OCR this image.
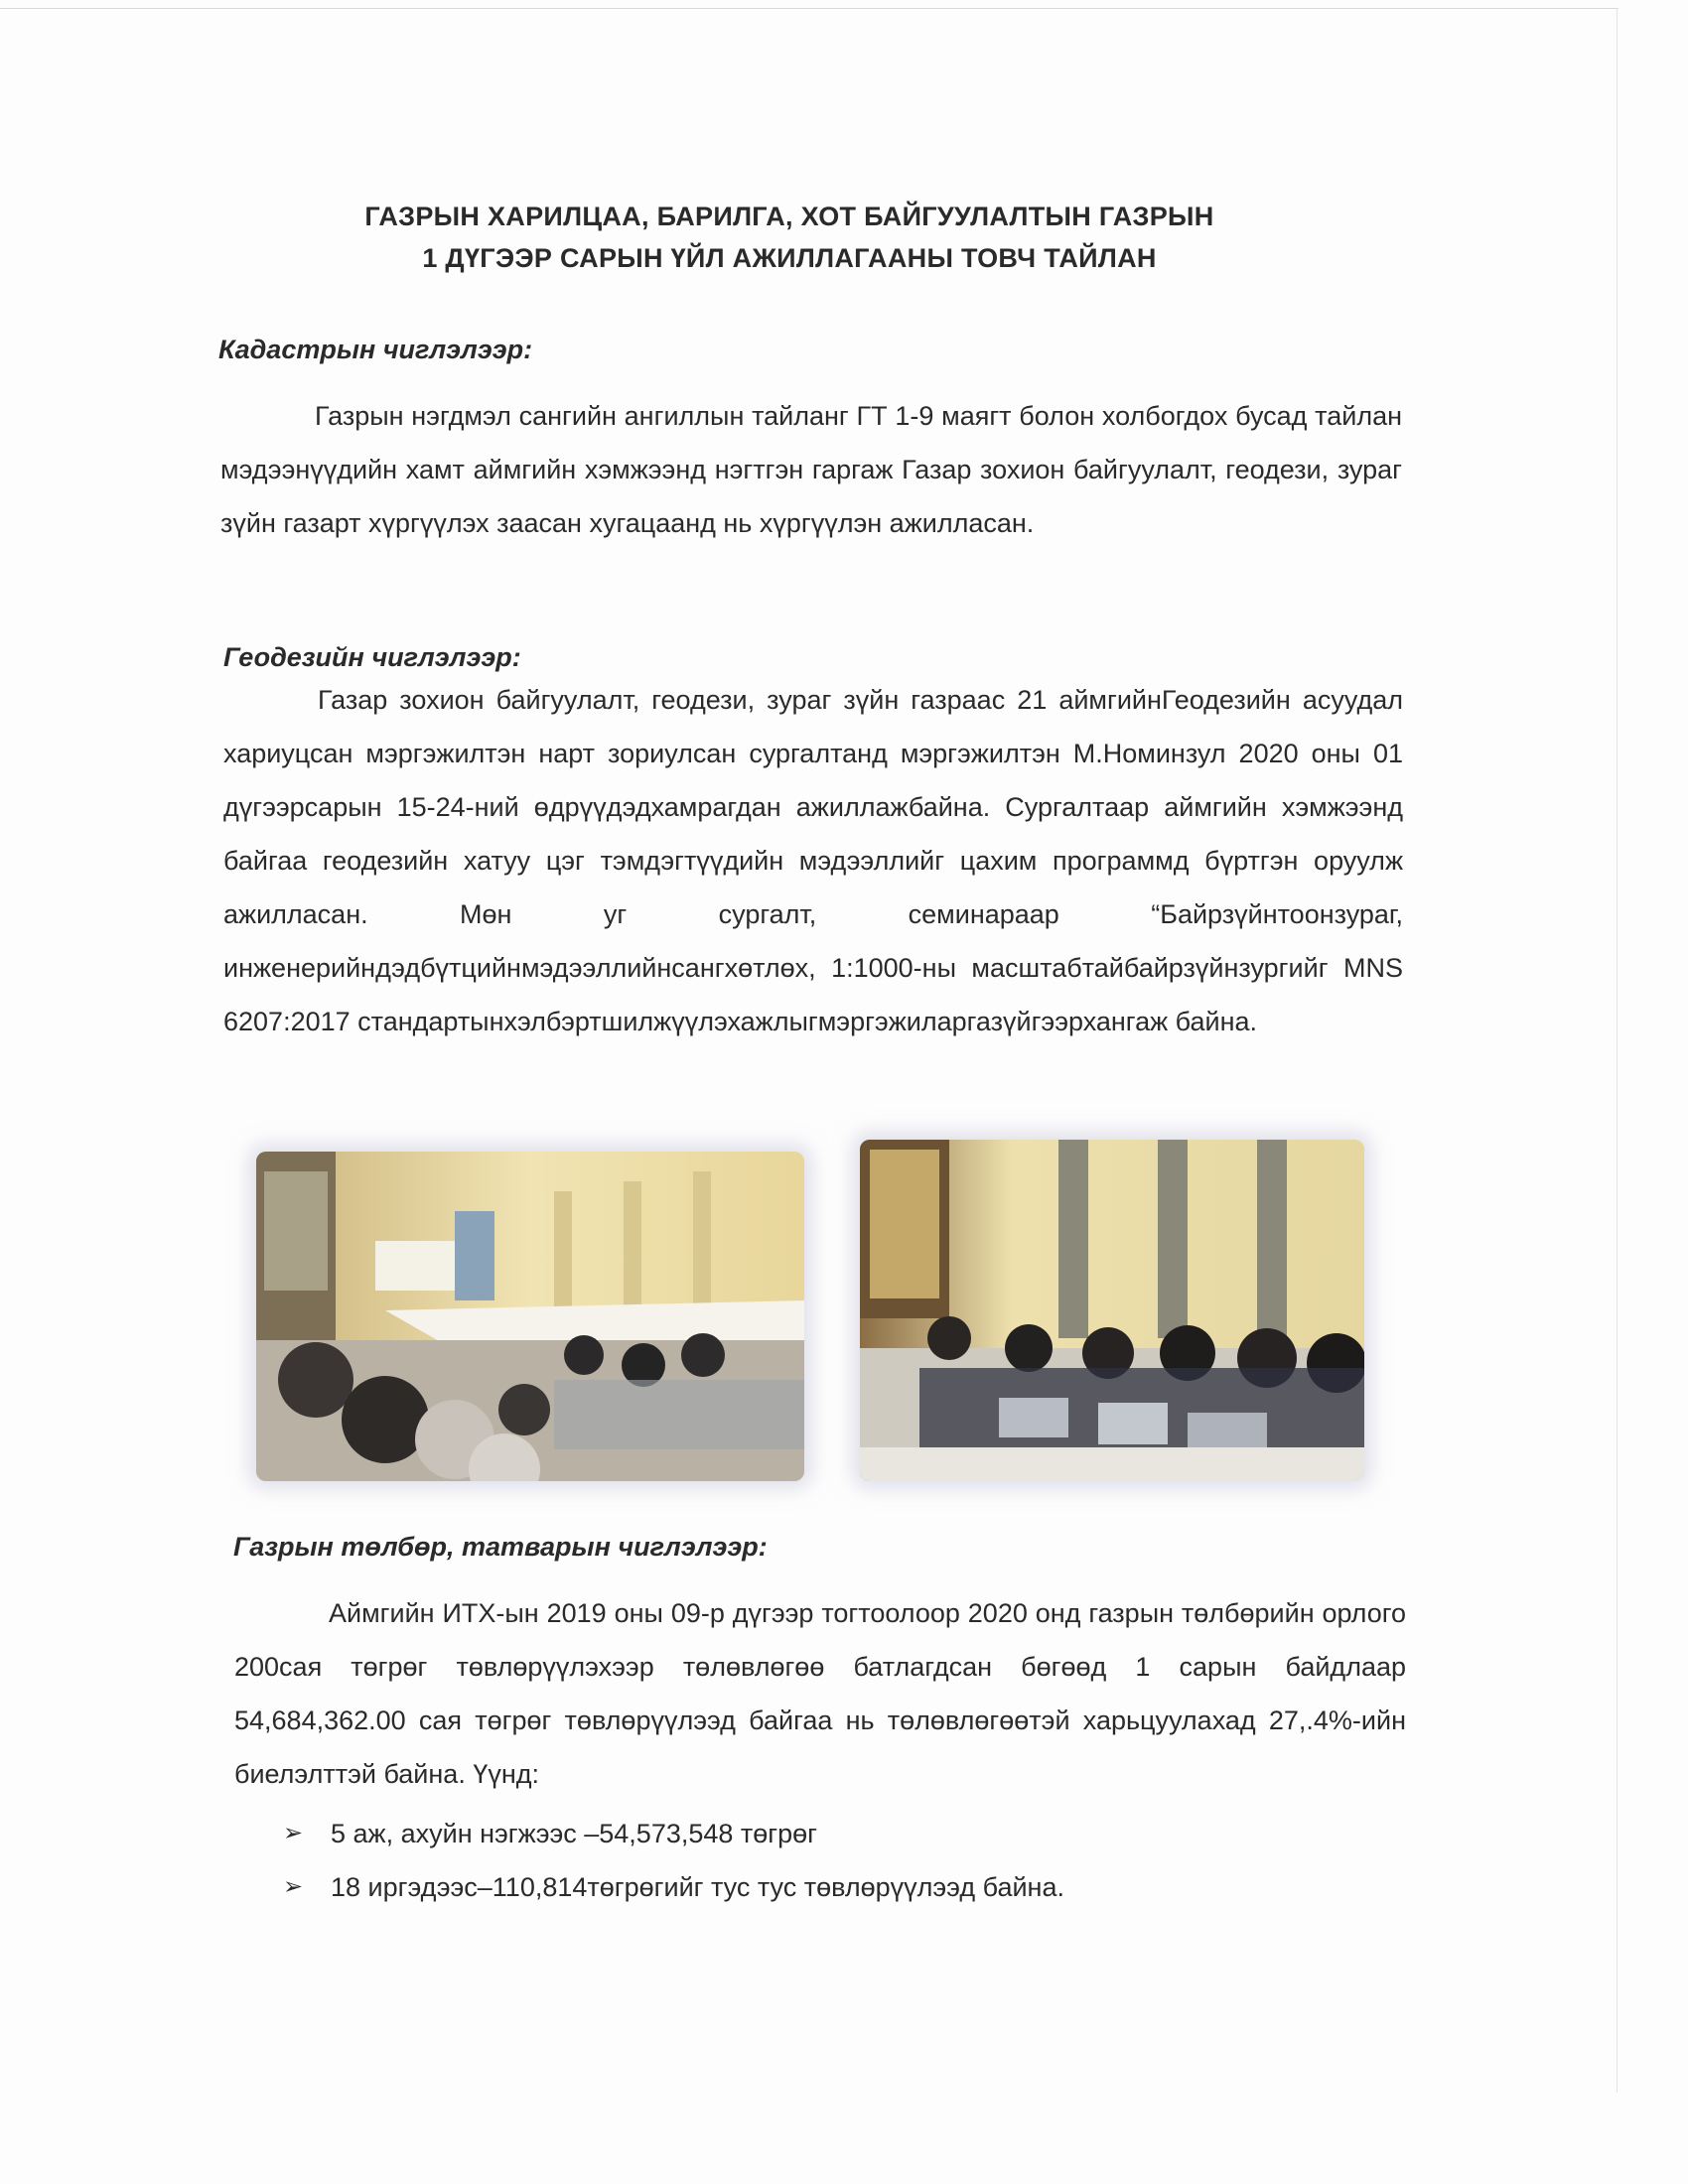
ГАЗРЫН ХАРИЛЦАА, БАРИЛГА, ХОТ БАЙГУУЛАЛТЫН ГАЗРЫН
1 ДҮГЭЭР САРЫН ҮЙЛ АЖИЛЛАГААНЫ ТОВЧ ТАЙЛАН
Кадастрын чиглэлээр:
Газрын нэгдмэл сангийн ангиллын тайланг ГТ 1-9 маягт болон холбогдох бусад тайлан мэдээнүүдийн хамт аймгийн хэмжээнд нэгтгэн гаргаж Газар зохион байгуулалт, геодези, зураг зүйн газарт хүргүүлэх заасан хугацаанд нь хүргүүлэн ажилласан.
Геодезийн чиглэлээр:
Газар зохион байгуулалт, геодези, зураг зүйн газраас 21 аймгийнГеодезийн асуудал хариуцсан мэргэжилтэн нарт зориулсан сургалтанд мэргэжилтэн М.Номинзул 2020 оны 01 дүгээрсарын 15-24-ний өдрүүдэдхамрагдан ажиллажбайна. Сургалтаар аймгийн хэмжээнд байгаа геодезийн хатуу цэг тэмдэгтүүдийн мэдээллийг цахим программд бүртгэн оруулж ажилласан. Мөн уг сургалт, семинараар “Байрзүйнтоонзураг, инженерийндэдбүтцийнмэдээллийнсангхөтлөх, 1:1000-ны масштабтайбайрзүйнзургийг MNS 6207:2017 стандартынхэлбэртшилжүүлэхажлыгмэргэжиларгазүйгээрхангаж байна.
Газрын төлбөр, татварын чиглэлээр:
Аймгийн ИТХ-ын 2019 оны 09-р дүгээр тогтоолоор 2020 онд газрын төлбөрийн орлого 200сая төгрөг төвлөрүүлэхээр төлөвлөгөө батлагдсан бөгөөд 1 сарын байдлаар 54,684,362.00 сая төгрөг төвлөрүүлээд байгаа нь төлөвлөгөөтэй харьцуулахад 27,.4%-ийн биелэлттэй байна. Үүнд:
➢ 5 аж, ахуйн нэгжээс –54,573,548 төгрөг
➢ 18 иргэдээс–110,814төгрөгийг тус тус төвлөрүүлээд байна.
